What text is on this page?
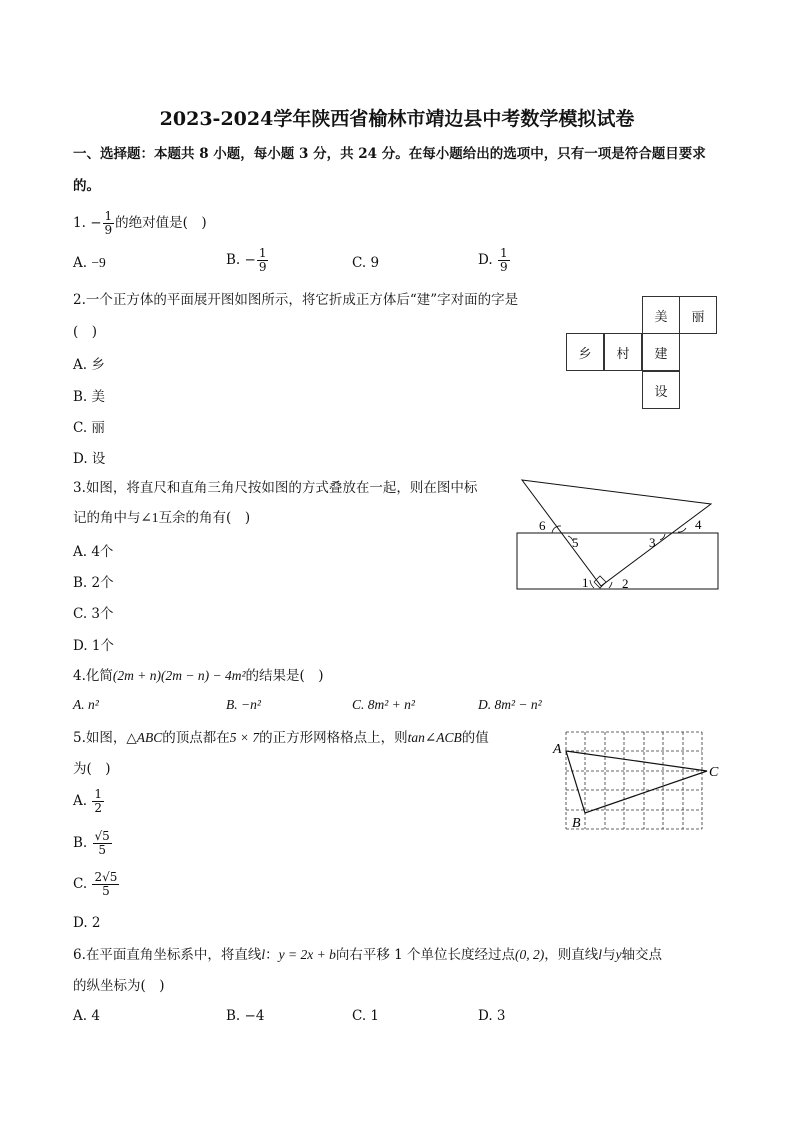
2023-2024学年陕西省榆林市靖边县中考数学模拟试卷
一、选择题：本题共 8 小题，每小题 3 分，共 24 分。在每小题给出的选项中，只有一项是符合题目要求
的。
1. − $\frac{1}{9}$ 的绝对值是(　)
A. −9	B. − $\frac{1}{9}$	C. 9	D. $\frac{1}{9}$
2.一个正方体的平面展开图如图所示，将它折成正方体后“建”字对面的字是
(　)
A. 乡
B. 美
C. 丽
D. 设
美	丽
乡	村	建
设
3.如图，将直尺和直角三角尺按如图的方式叠放在一起，则在图中标
记的角中与∠1互余的角有(　)
A. 4个
B. 2个
C. 3个
D. 1个
1	2
3
4
5
6
4.化简(2m + n)(2m − n) − 4m²的结果是(　)
A. n²	B. −n²	C. 8m² + n²	D. 8m² − n²
5.如图，△ABC的顶点都在5 × 7的正方形网格格点上，则tan∠ACB的值
为(　)
A. $\frac{1}{2}$
B. $\frac{√5}{5}$
C. $\frac{2√5}{5}$
D. 2
A
B
C
6.在平面直角坐标系中，将直线l：y = 2x + b向右平移 1 个单位长度经过点(0, 2)，则直线l与y轴交点
的纵坐标为(　)
A. 4	B. −4	C. 1	D. 3
